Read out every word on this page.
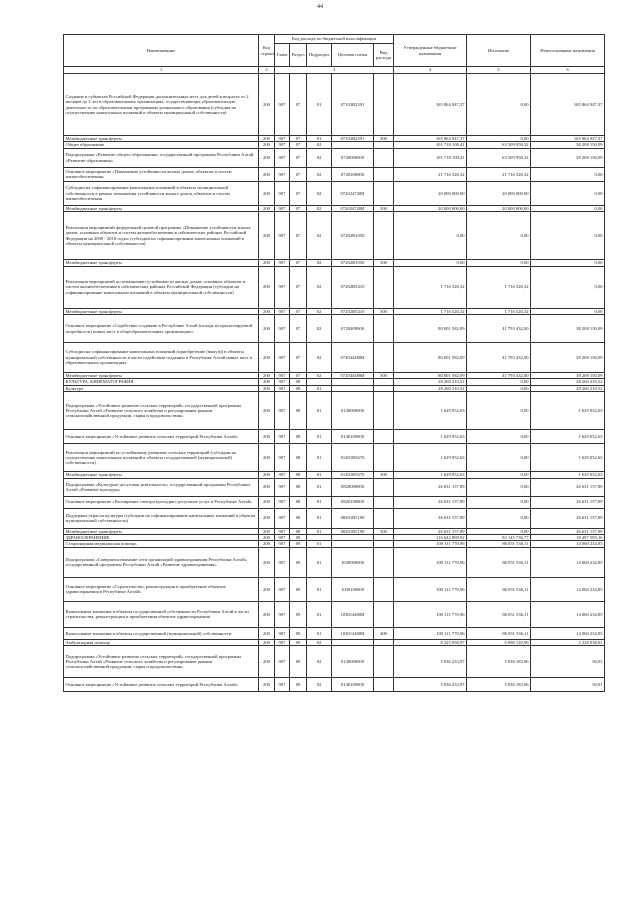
44
Наименование	Код строки	Код расхода по бюджетной классификации					Утвержденные бюджетные назначения	Исполнено	Неисполненные назначения
		Глава	Раздел	Подраздел	Целевая статья	Вид расхода			
1	2	3					4	5	6
Создание в субъектах Российской Федерации дополнительных мест для детей в возрасте от 2 месяцев до 3 лет в образовательных организациях, осуществляющих образовательную деятельность по образовательным программам дошкольного образования (субсидия на осуществление капитальных вложений в объекты муниципальной собственности)	200	907	07	01	07102R2591		165 864 947,37	0,00	165 864 947,37
Межбюджетные трансферты	200	907	07	01	07102R2591	500	165 864 947,37	0,00	165 864 947,37
Общее образование	200	907	07	02			101 718 108,41	63 509 958,32	38 208 150,09
Подпрограмма «Развитие общего образования» государственной программы Республики Алтай «Развитие образования»	200	907	07	02	0720000000		101 718 108,41	63 509 958,32	38 208 150,09
Основное мероприятие «Повышение устойчивости жилых домов, объектов и систем жизнеобеспечения»	200	907	07	02	0720200000		21 716 526,32	21 716 526,32	0,00
Субсидии на софинансирование капитальных вложений в объекты муниципальной собственности в рамках повышения устойчивости жилых домов, объектов и систем жизнеобеспечения	200	907	07	02	072024720И		20 000 000,00	20 000 000,00	0,00
Межбюджетные трансферты	200	907	07	02	072024720И	500	20 000 000,00	20 000 000,00	0,00
Реализация мероприятий федеральной целевой программы «Повышение устойчивости жилых домов, основных объектов и систем жизнеобеспечения в сейсмических районах Российской Федерации на 2009 - 2018 годы» (субсидии на софинансирование капитальных вложений в объекты муниципальной собственности)	200	907	07	02	07202R1050		0,00	0,00	0,00
Межбюджетные трансферты	200	907	07	02	07202R1050	500	0,00	0,00	0,00
Реализация мероприятий по повышению устойчивости жилых домов, основных объектов и систем жизнеобеспечения в сейсмических районах Российской Федерации (субсидии на софинансирование капитальных вложений в объекты муниципальной собственности)	200	907	07	02	07202R5410		1 716 526,32	1 716 526,32	0,00
Межбюджетные трансферты	200	907	07	02	07202R5410	500	1 716 526,32	1 716 526,32	0,00
Основное мероприятие «Содействие созданию в Республике Алтай (исходя из прогнозируемой потребности) новых мест в общеобразовательных организациях»	200	907	07	02	0720400000		80 001 582,09	41 793 432,00	38 208 150,09
Субсидии на софинансирование капитальных вложений (приобретение (выкуп)) в объекты муниципальной собственности в части содействия созданию в Республике Алтай новых мест в образовательных организациях	200	907	07	02	072044480И		80 001 582,09	41 793 432,00	38 208 150,09
Межбюджетные трансферты	200	907	07	02	072044480И	500	80 001 582,09	41 793 432,00	38 208 150,09
КУЛЬТУРА, КИНЕМАТОГРАФИЯ	200	907	08				28 260 210,52	0,00	28 260 210,52
Культура	200	907	08	01			28 260 210,52	0,00	28 260 210,52
Подпрограмма «Устойчивое развитие сельских территорий» государственной программы Республики Алтай «Развитие сельского хозяйства и регулирование рынков сельскохозяйственной продукции, сырья и продовольствия»	200	907	08	01	0140000000		1 629 052,63	0,00	1 629 052,63
Основное мероприятие «Устойчивое развитие сельских территорий Республики Алтай»	200	907	08	01	0140100000		1 629 052,63	0,00	1 629 052,63
Реализация мероприятий по устойчивому развитию сельских территорий (субсидии на осуществление капитальных вложений в объекты государственной (муниципальной) собственности)	200	907	08	01	01401R5670		1 629 052,63	0,00	1 629 052,63
Межбюджетные трансферты	200	907	08	01	01401R5670	500	1 629 052,63	0,00	1 629 052,63
Подпрограмма «Культурно-досуговая деятельность» государственной программы Республики Алтай «Развитие культуры»	200	907	08	01	0820000000		26 631 157,89	0,00	26 631 157,89
Основное мероприятие «Расширение спектра культурно-досуговых услуг в Республике Алтай»	200	907	08	01	0820100000		26 631 157,89	0,00	26 631 157,89
Поддержка отрасли культуры (субсидии на софинансирование капитальных вложений в объекты муниципальной собственности)	200	907	08	01	08201R5190		26 631 157,89	0,00	26 631 157,89
Межбюджетные трансферты	200	907	08	01	08201R5190	500	26 631 157,89	0,00	26 631 157,89
ЗДРАВООХРАНЕНИЕ	200	907	09				116 642 869,92	92 145 736,77	18 497 583,16
Стационарная медицинская помощь	200	907	09	01			100 111 770,96	86 051 536,11	14 060 234,85
Подпрограмма «Совершенствование сети организаций здравоохранения Республики Алтай» государственной программы Республики Алтай «Развитие здравоохранения»	200	907	09	01	1030000000		100 111 770,96	86 051 536,11	14 060 234,85
Основное мероприятие «Строительство, реконструкция и приобретение объектов здравоохранения в Республике Алтай»	200	907	09	01	1030100000		100 111 770,96	86 051 536,11	14 060 234,85
Капитальные вложения в объекты государственной собственности Республики Алтай в части строительства, реконструкции и приобретения объектов здравоохранения	200	907	09	01	103014400И		100 111 770,96	86 051 536,11	14 060 234,85
Капитальные вложения в объекты государственной (муниципальной) собственности	200	907	09	01	103014400И	400	100 111 770,96	86 051 536,11	14 060 234,85
Амбулаторная помощь	200	907	09	02			8 325 058,97	6 096 120,96	2 228 938,01
Подпрограмма «Устойчивое развитие сельских территорий» государственной программы Республики Алтай «Развитие сельского хозяйства и регулирование рынков сельскохозяйственной продукции, сырья и продовольствия»	200	907	09	02	0140000000		5 036 233,97	5 036 183,96	50,01
Основное мероприятие «Устойчивое развитие сельских территорий Республики Алтай»	200	907	09	02	0140100000		5 036 233,97	5 036 183,96	50,01
